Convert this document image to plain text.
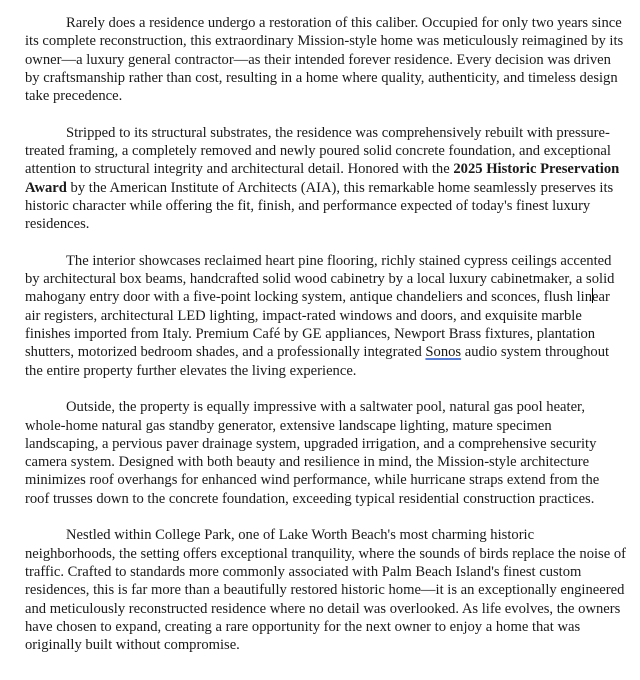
Rarely does a residence undergo a restoration of this caliber. Occupied for only two years since its complete reconstruction, this extraordinary Mission-style home was meticulously reimagined by its owner—a luxury general contractor—as their intended forever residence. Every decision was driven by craftsmanship rather than cost, resulting in a home where quality, authenticity, and timeless design take precedence.

Stripped to its structural substrates, the residence was comprehensively rebuilt with pressure-treated framing, a completely removed and newly poured solid concrete foundation, and exceptional attention to structural integrity and architectural detail. Honored with the 2025 Historic Preservation Award by the American Institute of Architects (AIA), this remarkable home seamlessly preserves its historic character while offering the fit, finish, and performance expected of today's finest luxury residences.

The interior showcases reclaimed heart pine flooring, richly stained cypress ceilings accented by architectural box beams, handcrafted solid wood cabinetry by a local luxury cabinetmaker, a solid mahogany entry door with a five-point locking system, antique chandeliers and sconces, flush linear air registers, architectural LED lighting, impact-rated windows and doors, and exquisite marble finishes imported from Italy. Premium Café by GE appliances, Newport Brass fixtures, plantation shutters, motorized bedroom shades, and a professionally integrated Sonos audio system throughout the entire property further elevates the living experience.

Outside, the property is equally impressive with a saltwater pool, natural gas pool heater, whole-home natural gas standby generator, extensive landscape lighting, mature specimen landscaping, a pervious paver drainage system, upgraded irrigation, and a comprehensive security camera system. Designed with both beauty and resilience in mind, the Mission-style architecture minimizes roof overhangs for enhanced wind performance, while hurricane straps extend from the roof trusses down to the concrete foundation, exceeding typical residential construction practices.

Nestled within College Park, one of Lake Worth Beach's most charming historic neighborhoods, the setting offers exceptional tranquility, where the sounds of birds replace the noise of traffic. Crafted to standards more commonly associated with Palm Beach Island's finest custom residences, this is far more than a beautifully restored historic home—it is an exceptionally engineered and meticulously reconstructed residence where no detail was overlooked. As life evolves, the owners have chosen to expand, creating a rare opportunity for the next owner to enjoy a home that was originally built without compromise.
